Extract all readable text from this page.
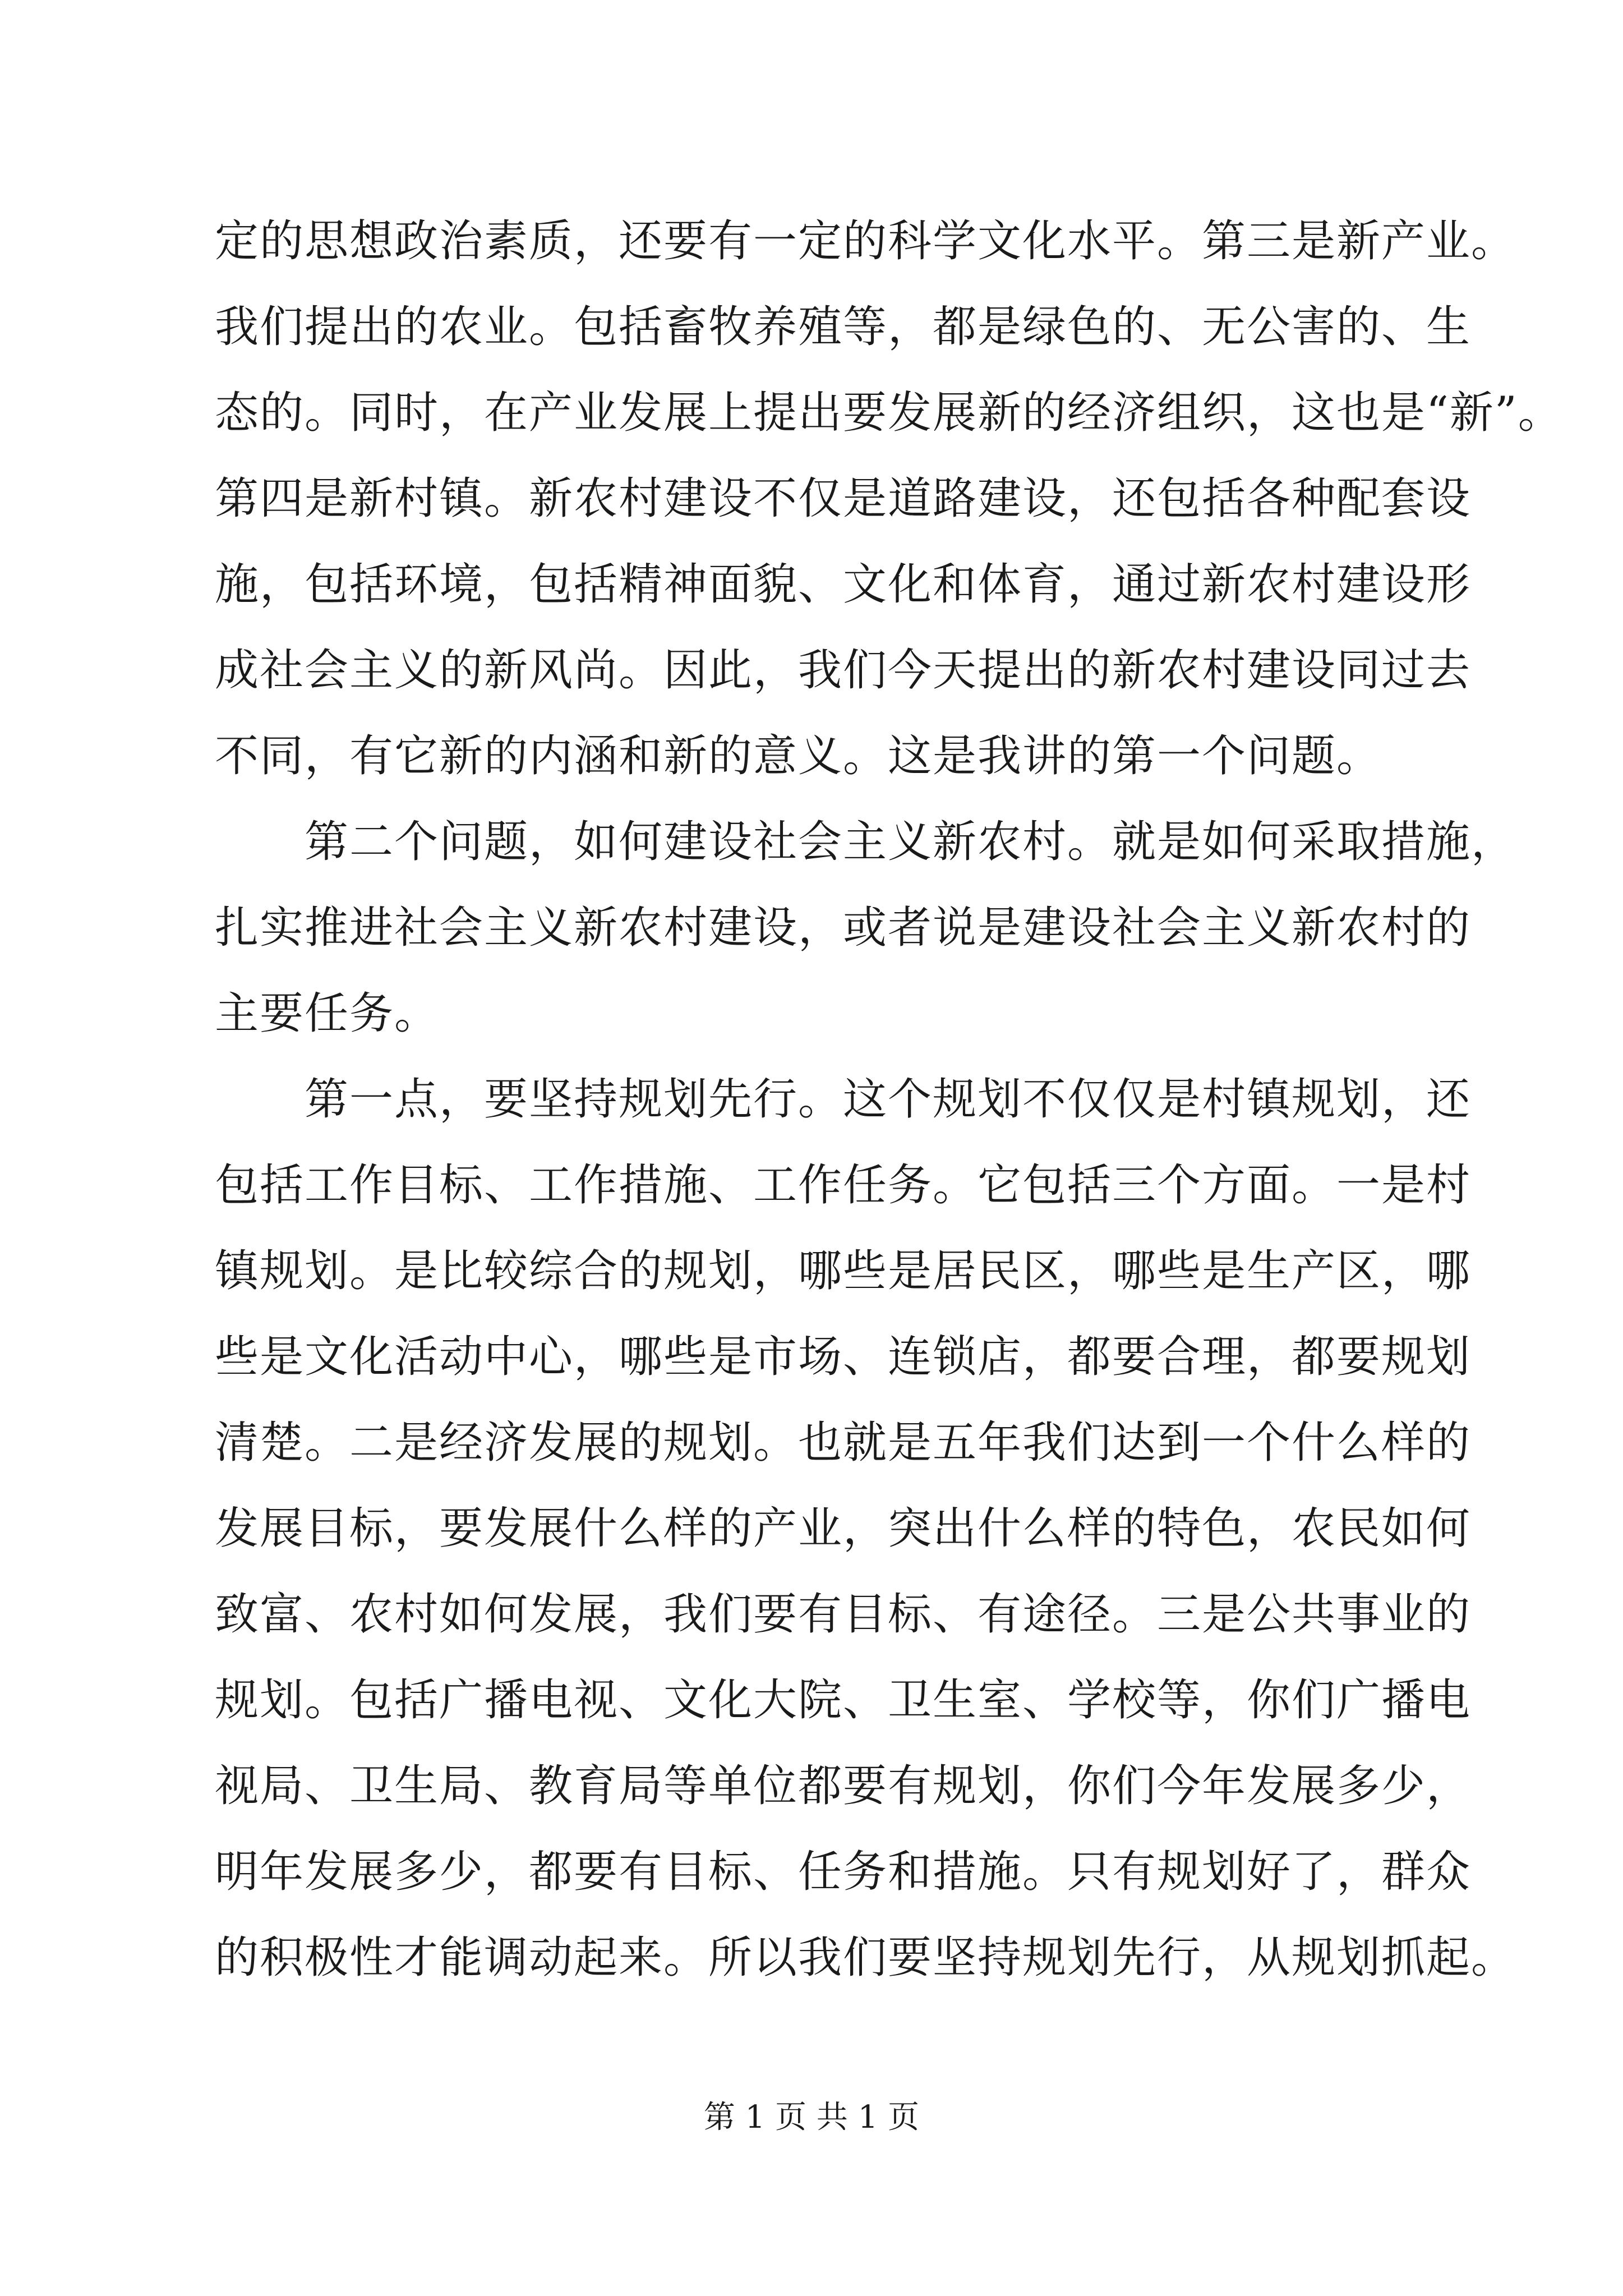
定的思想政治素质，还要有一定的科学文化水平。第三是新产业。
我们提出的农业。包括畜牧养殖等，都是绿色的、无公害的、生
态的。同时，在产业发展上提出要发展新的经济组织，这也是“新”。
第四是新村镇。新农村建设不仅是道路建设，还包括各种配套设
施，包括环境，包括精神面貌、文化和体育，通过新农村建设形
成社会主义的新风尚。因此，我们今天提出的新农村建设同过去
不同，有它新的内涵和新的意义。这是我讲的第一个问题。
　　第二个问题，如何建设社会主义新农村。就是如何采取措施，
扎实推进社会主义新农村建设，或者说是建设社会主义新农村的
主要任务。
　　第一点，要坚持规划先行。这个规划不仅仅是村镇规划，还
包括工作目标、工作措施、工作任务。它包括三个方面。一是村
镇规划。是比较综合的规划，哪些是居民区，哪些是生产区，哪
些是文化活动中心，哪些是市场、连锁店，都要合理，都要规划
清楚。二是经济发展的规划。也就是五年我们达到一个什么样的
发展目标，要发展什么样的产业，突出什么样的特色，农民如何
致富、农村如何发展，我们要有目标、有途径。三是公共事业的
规划。包括广播电视、文化大院、卫生室、学校等，你们广播电
视局、卫生局、教育局等单位都要有规划，你们今年发展多少，
明年发展多少，都要有目标、任务和措施。只有规划好了，群众
的积极性才能调动起来。所以我们要坚持规划先行，从规划抓起。
第 1 页 共 1 页
